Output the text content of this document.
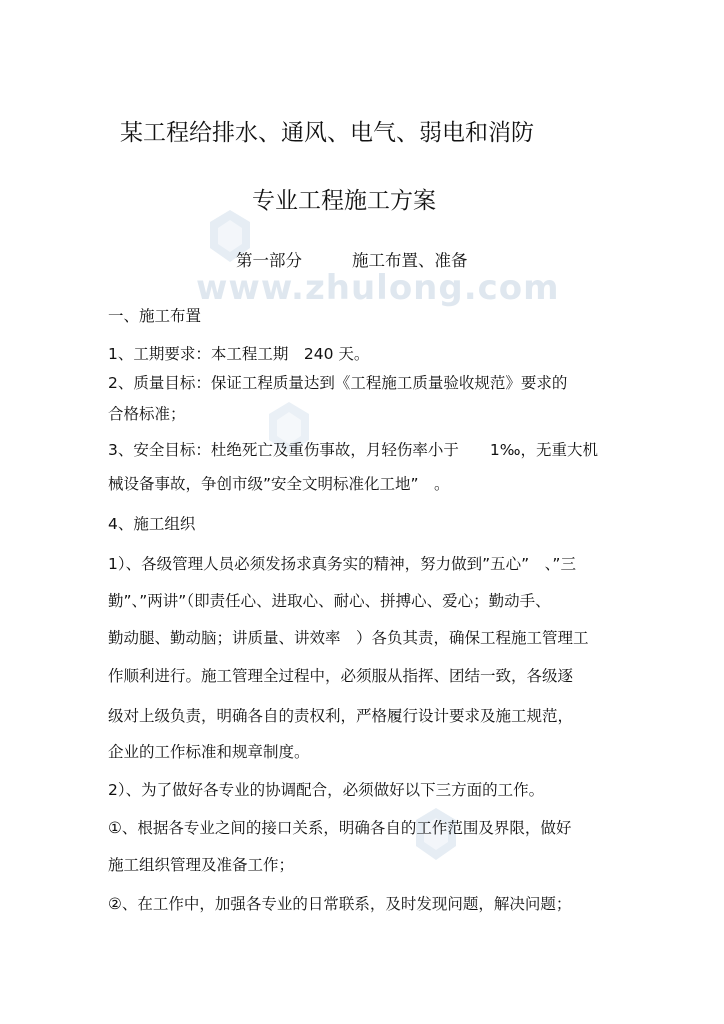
www.zhulong.com
某工程给排水、通风、电气、弱电和消防
专业工程施工方案
第一部分	施工布置、准备
一、施工布置
1、工期要求：本工程工期　240 天。
2、质量目标：保证工程质量达到《工程施工质量验收规范》要求的
合格标准；
3、安全目标：杜绝死亡及重伤事故，月轻伤率小于　　1‰，无重大机
械设备事故，争创市级”安全文明标准化工地”　。
4、施工组织
1）、各级管理人员必须发扬求真务实的精神，努力做到”五心”　、”三
勤”、”两讲”（即责任心、进取心、耐心、拼搏心、爱心；勤动手、
勤动腿、勤动脑；讲质量、讲效率　）各负其责，确保工程施工管理工
作顺利进行。施工管理全过程中，必须服从指挥、团结一致，各级逐
级对上级负责，明确各自的责权利，严格履行设计要求及施工规范，
企业的工作标准和规章制度。
2）、为了做好各专业的协调配合，必须做好以下三方面的工作。
①、根据各专业之间的接口关系，明确各自的工作范围及界限，做好
施工组织管理及准备工作；
②、在工作中，加强各专业的日常联系，及时发现问题，解决问题；
